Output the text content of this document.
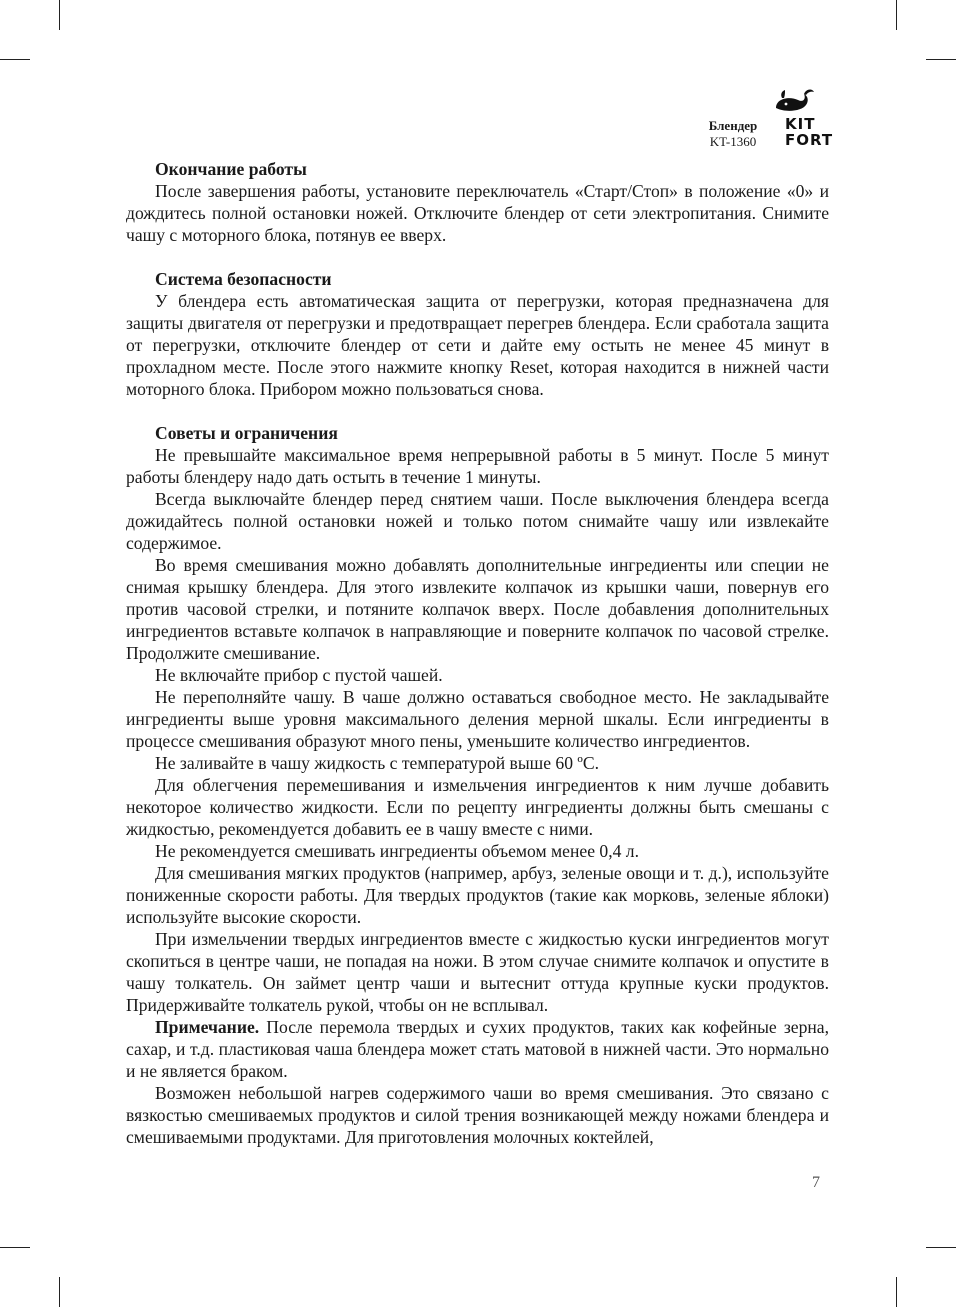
Блендер
KT-1360
KIT
FORT
Окончание работы

После завершения работы, установите переключатель «Старт/Стоп» в положение «0» и дождитесь полной остановки ножей. Отключите блендер от сети электропитания. Снимите чашу с моторного блока, потянув ее вверх.

Система безопасности

У блендера есть автоматическая защита от перегрузки, которая предназначена для защиты двигателя от перегрузки и предотвращает перегрев блендера. Если сработала защита от перегрузки, отключите блендер от сети и дайте ему остыть не менее 45 минут в прохладном месте. После этого нажмите кнопку Reset, которая находится в нижней части моторного блока. Прибором можно пользоваться снова.

Советы и ограничения

Не превышайте максимальное время непрерывной работы в 5 минут. После 5 минут работы блендеру надо дать остыть в течение 1 минуты.

Всегда выключайте блендер перед снятием чаши. После выключения блендера всегда дожидайтесь полной остановки ножей и только потом снимайте чашу или извлекайте содержимое.

Во время смешивания можно добавлять дополнительные ингредиенты или специи не снимая крышку блендера. Для этого извлеките колпачок из крышки чаши, повернув его против часовой стрелки, и потяните колпачок вверх. После добавления дополнительных ингредиентов вставьте колпачок в направляющие и поверните колпачок по часовой стрелке. Продолжите смешивание.

Не включайте прибор с пустой чашей.

Не переполняйте чашу. В чаше должно оставаться свободное место. Не закладывайте ингредиенты выше уровня максимального деления мерной шкалы. Если ингредиенты в процессе смешивания образуют много пены, уменьшите количество ингредиентов.

Не заливайте в чашу жидкость с температурой выше 60 ºС.

Для облегчения перемешивания и измельчения ингредиентов к ним лучше добавить некоторое количество жидкости. Если по рецепту ингредиенты должны быть смешаны с жидкостью, рекомендуется добавить ее в чашу вместе с ними.

Не рекомендуется смешивать ингредиенты объемом менее 0,4 л.

Для смешивания мягких продуктов (например, арбуз, зеленые овощи и т. д.), используйте пониженные скорости работы. Для твердых продуктов (такие как морковь, зеленые яблоки) используйте высокие скорости.

При измельчении твердых ингредиентов вместе с жидкостью куски ингредиентов могут скопиться в центре чаши, не попадая на ножи. В этом случае снимите колпачок и опустите в чашу толкатель. Он займет центр чаши и вытеснит оттуда крупные куски продуктов. Придерживайте толкатель рукой, чтобы он не всплывал.

Примечание. После перемола твердых и сухих продуктов, таких как кофейные зерна, сахар, и т.д. пластиковая чаша блендера может стать матовой в нижней части. Это нормально и не является браком.

Возможен небольшой нагрев содержимого чаши во время смешивания. Это связано с вязкостью смешиваемых продуктов и силой трения возникающей между ножами блендера и смешиваемыми продуктами. Для приготовления молочных коктейлей,

7
